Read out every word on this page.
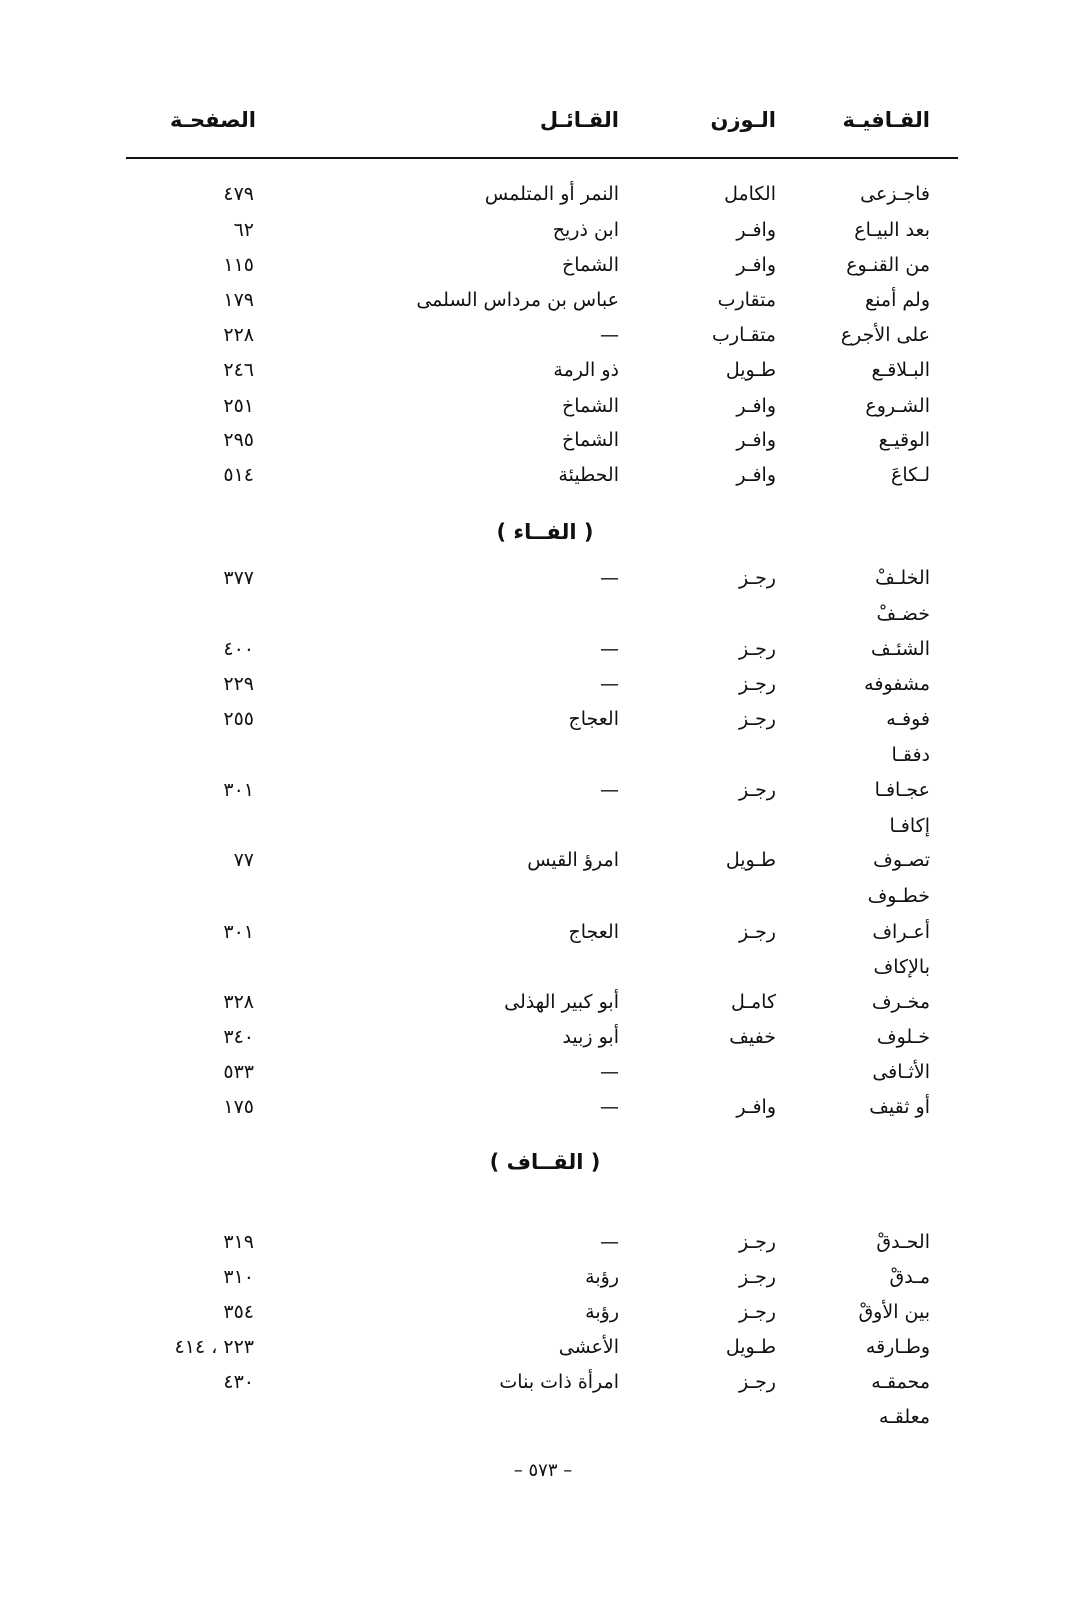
القـافيـة
الـوزن
القـائـل
الصفحـة
فاجـزعى
الكامل
النمر أو المتلمس
٤٧٩
بعد البيـاع
وافـر
ابن ذريح
٦٢
من القنـوع
وافـر
الشماخ
١١٥
ولم أمنع
متقارب
عباس بن مرداس السلمى
١٧٩
على الأجرع
متقـارب
—
٢٢٨
البـلاقـع
طـويل
ذو الرمة
٢٤٦
الشـروع
وافـر
الشماخ
٢٥١
الوقيـع
وافـر
الشماخ
٢٩٥
لـكاعَ
وافـر
الحطيئة
٥١٤
( الفــاء )
الخلـفْ
رجـز
—
٣٧٧
خضـفْ
الشئـف
رجـز
—
٤٠٠
مشفوفه
رجـز
—
٢٢٩
فوفـه
رجـز
العجاج
٢٥٥
دفقـا
عجـافـا
رجـز
—
٣٠١
إكافـا
تصـوف
طـويل
امرؤ القيس
٧٧
خطـوف
أعـراف
رجـز
العجاج
٣٠١
بالإكاف
مخـرف
كامـل
أبو كبير الهذلى
٣٢٨
خـلوف
خفيف
أبو زبيد
٣٤٠
الأثـافى
—
٥٣٣
أو ثقيف
وافـر
—
١٧٥
( القــاف )
الحـدقْ
رجـز
—
٣١٩
مـدقْ
رجـز
رؤبة
٣١٠
بين الأوقْ
رجـز
رؤبة
٣٥٤
وطـارقه
طـويل
الأعشى
٢٢٣ ، ٤١٤
محمقـه
رجـز
امرأة ذات بنات
٤٣٠
معلقـه
– ٥٧٣ –
